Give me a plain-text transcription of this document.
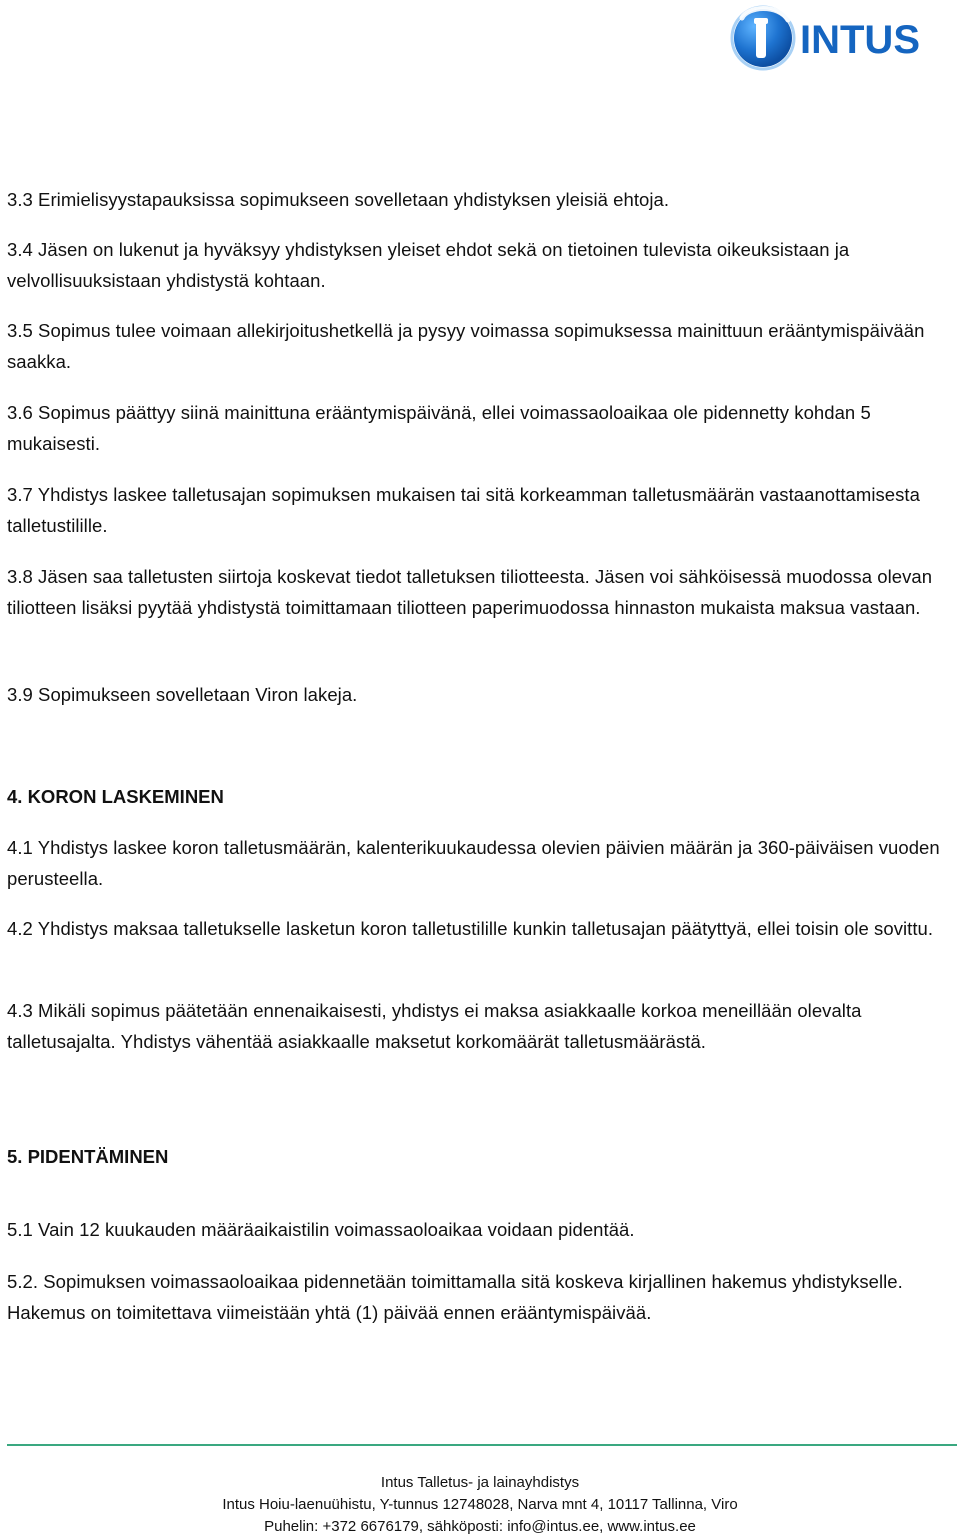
INTUS

3.3 Erimielisyystapauksissa sopimukseen sovelletaan yhdistyksen yleisiä ehtoja.

3.4 Jäsen on lukenut ja hyväksyy yhdistyksen yleiset ehdot sekä on tietoinen tulevista oikeuksistaan ja velvollisuuksistaan yhdistystä kohtaan.

3.5 Sopimus tulee voimaan allekirjoitushetkellä ja pysyy voimassa sopimuksessa mainittuun erääntymispäivään saakka.

3.6 Sopimus päättyy siinä mainittuna erääntymispäivänä, ellei voimassaoloaikaa ole pidennetty kohdan 5 mukaisesti.

3.7 Yhdistys laskee talletusajan sopimuksen mukaisen tai sitä korkeamman talletusmäärän vastaanottamisesta talletustilille.

3.8 Jäsen saa talletusten siirtoja koskevat tiedot talletuksen tiliotteesta. Jäsen voi sähköisessä muodossa olevan tiliotteen lisäksi pyytää yhdistystä toimittamaan tiliotteen paperimuodossa hinnaston mukaista maksua vastaan.

3.9 Sopimukseen sovelletaan Viron lakeja.

4. KORON LASKEMINEN

4.1 Yhdistys laskee koron talletusmäärän, kalenterikuukaudessa olevien päivien määrän ja 360-päiväisen vuoden perusteella.

4.2 Yhdistys maksaa talletukselle lasketun koron talletustilille kunkin talletusajan päätyttyä, ellei toisin ole sovittu.

4.3 Mikäli sopimus päätetään ennenaikaisesti, yhdistys ei maksa asiakkaalle korkoa meneillään olevalta talletusajalta. Yhdistys vähentää asiakkaalle maksetut korkomäärät talletusmäärästä.

5. PIDENTÄMINEN

5.1 Vain 12 kuukauden määräaikaistilin voimassaoloaikaa voidaan pidentää.

5.2. Sopimuksen voimassaoloaikaa pidennetään toimittamalla sitä koskeva kirjallinen hakemus yhdistykselle. Hakemus on toimitettava viimeistään yhtä (1) päivää ennen erääntymispäivää.

Intus Talletus- ja lainayhdistys
Intus Hoiu-laenuühistu, Y-tunnus 12748028, Narva mnt 4, 10117 Tallinna, Viro
Puhelin: +372 6676179, sähköposti: info@intus.ee, www.intus.ee
